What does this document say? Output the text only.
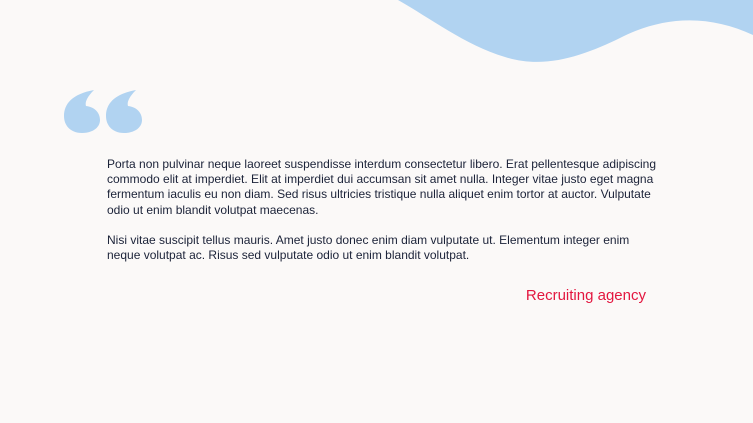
Porta non pulvinar neque laoreet suspendisse interdum consectetur libero. Erat pellentesque adipiscing commodo elit at imperdiet. Elit at imperdiet dui accumsan sit amet nulla. Integer vitae justo eget magna fermentum iaculis eu non diam. Sed risus ultricies tristique nulla aliquet enim tortor at auctor. Vulputate odio ut enim blandit volutpat maecenas.

Nisi vitae suscipit tellus mauris. Amet justo donec enim diam vulputate ut. Elementum integer enim neque volutpat ac. Risus sed vulputate odio ut enim blandit volutpat.

Recruiting agency
